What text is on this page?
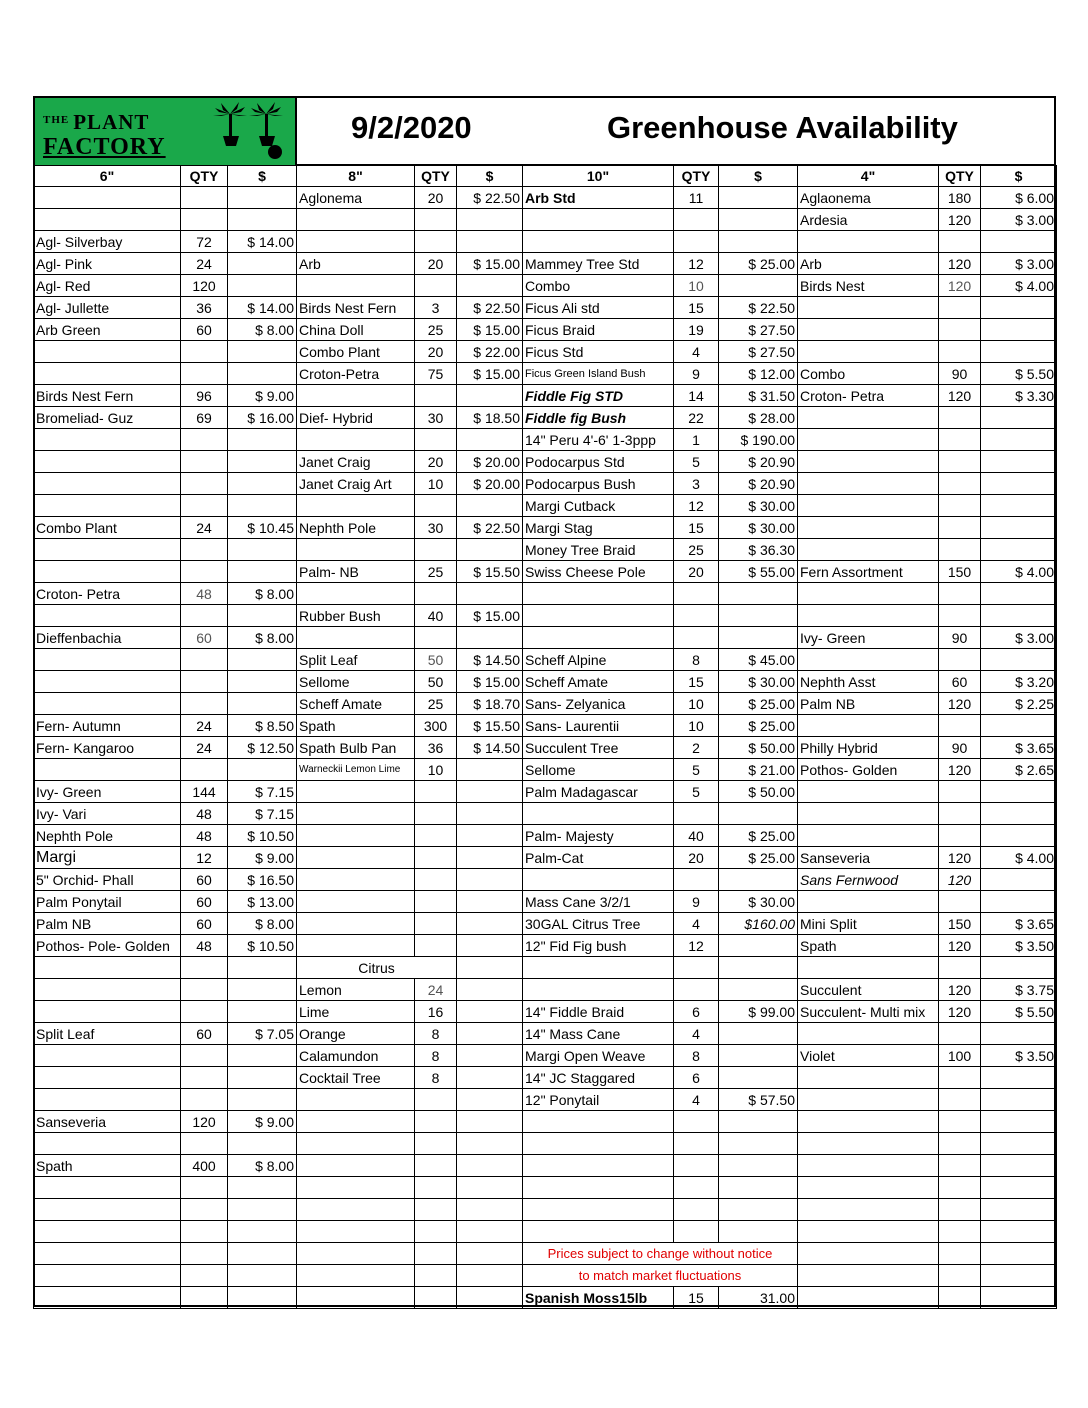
$^{THE}$ PLANT
FACTORY
9/2/2020	Greenhouse Availability
6"	QTY	$	8"	QTY	$	10"	QTY	$	4"	QTY	$
			Aglonema	20	$ 22.50	Arb Std	11		Aglaonema	180	$ 6.00
									Ardesia	120	$ 3.00
Agl- Silverbay	72	$ 14.00									
Agl- Pink	24		Arb	20	$ 15.00	Mammey Tree Std	12	$ 25.00	Arb	120	$ 3.00
Agl- Red	120					Combo	10		Birds Nest	120	$ 4.00
Agl- Jullette	36	$ 14.00	Birds Nest Fern	3	$ 22.50	Ficus Ali std	15	$ 22.50			
Arb Green	60	$ 8.00	China Doll	25	$ 15.00	Ficus Braid	19	$ 27.50			
			Combo Plant	20	$ 22.00	Ficus Std	4	$ 27.50			
			Croton-Petra	75	$ 15.00	Ficus Green Island Bush	9	$ 12.00	Combo	90	$ 5.50
Birds Nest Fern	96	$ 9.00				Fiddle Fig STD	14	$ 31.50	Croton- Petra	120	$ 3.30
Bromeliad- Guz	69	$ 16.00	Dief- Hybrid	30	$ 18.50	Fiddle fig Bush	22	$ 28.00			
						14" Peru 4'-6' 1-3ppp	1	$ 190.00			
			Janet Craig	20	$ 20.00	Podocarpus Std	5	$ 20.90			
			Janet Craig Art	10	$ 20.00	Podocarpus Bush	3	$ 20.90			
						Margi Cutback	12	$ 30.00			
Combo Plant	24	$ 10.45	Nephth Pole	30	$ 22.50	Margi Stag	15	$ 30.00			
						Money Tree Braid	25	$ 36.30			
			Palm- NB	25	$ 15.50	Swiss Cheese Pole	20	$ 55.00	Fern Assortment	150	$ 4.00
Croton- Petra	48	$ 8.00									
			Rubber Bush	40	$ 15.00						
Dieffenbachia	60	$ 8.00							Ivy- Green	90	$ 3.00
			Split Leaf	50	$ 14.50	Scheff Alpine	8	$ 45.00			
			Sellome	50	$ 15.00	Scheff Amate	15	$ 30.00	Nephth Asst	60	$ 3.20
			Scheff Amate	25	$ 18.70	Sans- Zelyanica	10	$ 25.00	Palm NB	120	$ 2.25
Fern- Autumn	24	$ 8.50	Spath	300	$ 15.50	Sans- Laurentii	10	$ 25.00			
Fern- Kangaroo	24	$ 12.50	Spath Bulb Pan	36	$ 14.50	Succulent Tree	2	$ 50.00	Philly Hybrid	90	$ 3.65
			Warneckii Lemon Lime	10		Sellome	5	$ 21.00	Pothos- Golden	120	$ 2.65
Ivy- Green	144	$ 7.15				Palm Madagascar	5	$ 50.00			
Ivy- Vari	48	$ 7.15									
Nephth Pole	48	$ 10.50				Palm- Majesty	40	$ 25.00			
Margi	12	$ 9.00				Palm-Cat	20	$ 25.00	Sanseveria	120	$ 4.00
5" Orchid- Phall	60	$ 16.50							Sans Fernwood	120	
Palm Ponytail	60	$ 13.00				Mass Cane 3/2/1	9	$ 30.00			
Palm NB	60	$ 8.00				30GAL Citrus Tree	4	$160.00	Mini Split	150	$ 3.65
Pothos- Pole- Golden	48	$ 10.50				12" Fid Fig bush	12		Spath	120	$ 3.50
			Citrus								
			Lemon	24					Succulent	120	$ 3.75
			Lime	16		14" Fiddle Braid	6	$ 99.00	Succulent- Multi mix	120	$ 5.50
Split Leaf	60	$ 7.05	Orange	8		14" Mass Cane	4				
			Calamundon	8		Margi Open Weave	8		Violet	100	$ 3.50
			Cocktail Tree	8		14" JC Staggared	6				
						12" Ponytail	4	$ 57.50			
Sanseveria	120	$ 9.00									

Spath	400	$ 8.00									

						Prices subject to change without notice					
						to match market fluctuations					
						Spanish Moss15lb	15	31.00			
